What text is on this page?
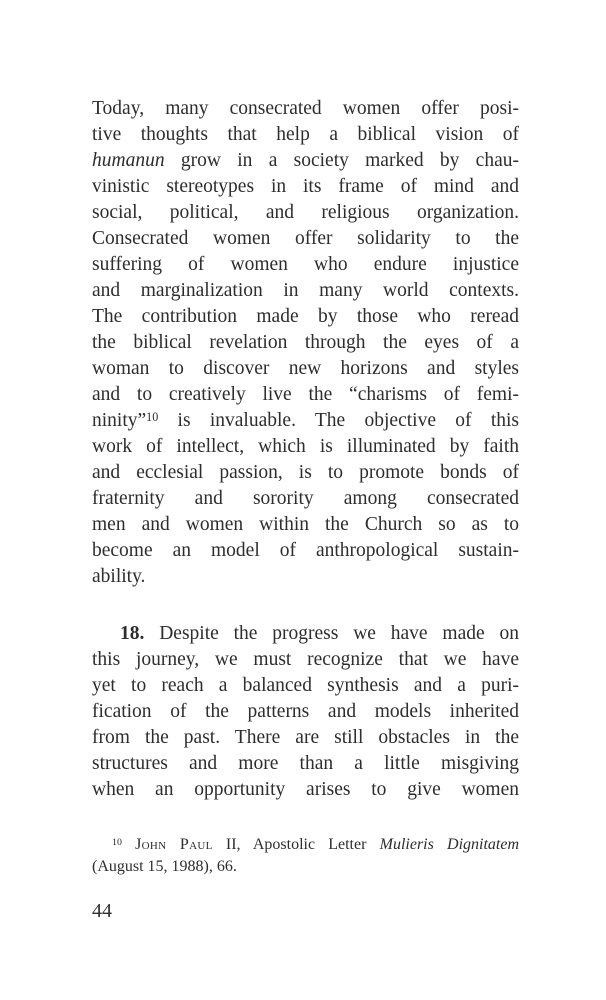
Today, many consecrated women offer posi-
tive thoughts that help a biblical vision of
humanun grow in a society marked by chau-
vinistic stereotypes in its frame of mind and
social, political, and religious organization.
Consecrated women offer solidarity to the
suffering of women who endure injustice
and marginalization in many world contexts.
The contribution made by those who reread
the biblical revelation through the eyes of a
woman to discover new horizons and styles
and to creatively live the “charisms of femi-
ninity”$^{10}$ is invaluable. The objective of this
work of intellect, which is illuminated by faith
and ecclesial passion, is to promote bonds of
fraternity and sorority among consecrated
men and women within the Church so as to
become an model of anthropological sustain-
ability.
18. Despite the progress we have made on
this journey, we must recognize that we have
yet to reach a balanced synthesis and a puri-
fication of the patterns and models inherited
from the past. There are still obstacles in the
structures and more than a little misgiving
when an opportunity arises to give women
$^{10}$ John Paul II, Apostolic Letter Mulieris Dignitatem
(August 15, 1988), 66.
44
